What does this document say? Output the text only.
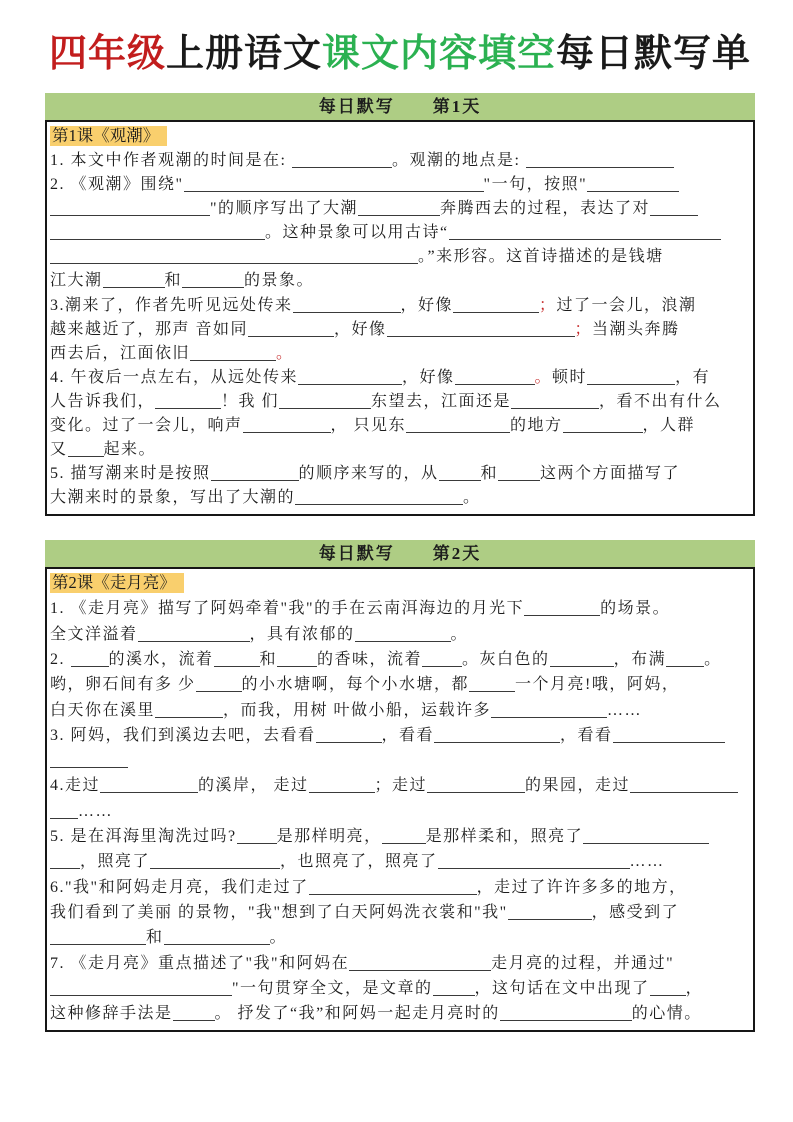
四年级上册语文课文内容填空每日默写单
每日默写　　第1天
第1课《观潮》
1. 本文中作者观潮的时间是在:	。观潮的地点是:
2. 《观潮》围绕"	"一句，按照"
"的顺序写出了大潮	奔腾西去的过程，表达了对
。这种景象可以用古诗“
。”来形容。这首诗描述的是钱塘
江大潮	和	的景象。
3.潮来了，作者先听见远处传来	，好像	；过了一会儿，浪潮
越来越近了，那声 音如同	，好像	；当潮头奔腾
西去后，江面依旧	。
4. 午夜后一点左右，从远处传来	，好像	。顿时	，有
人告诉我们，	！我 们	东望去，江面还是	，看不出有什么
变化。过了一会儿，响声	， 只见东	的地方	，人群
又 起来。
5. 描写潮来时是按照	的顺序来写的，从	和	这两个方面描写了
大潮来时的景象，写出了大潮的	。
每日默写　　第2天
第2课《走月亮》
1. 《走月亮》描写了阿妈牵着"我"的手在云南洱海边的月光下	的场景。
全文洋溢着	，具有浓郁的	。
2. 的溪水，流着	和	的香味，流着	。灰白色的	，布满 。
哟，卵石间有多 少	的小水塘啊，每个小水塘，都	一个月亮!哦，阿妈，
白天你在溪里	，而我，用树 叶做小船，运载许多	……
3. 阿妈，我们到溪边去吧，去看看	，看看	，看看
4.走过	的溪岸， 走过	；走过	的果园，走过
……
5. 是在洱海里淘洗过吗?	是那样明亮，	是那样柔和，照亮了
，照亮了	，也照亮了，照亮了	……
6."我"和阿妈走月亮，我们走过了	，走过了许许多多的地方，
我们看到了美丽 的景物，"我"想到了白天阿妈洗衣裳和"我"	，感受到了
和	。
7. 《走月亮》重点描述了"我"和阿妈在	走月亮的过程，并通过"
"一句贯穿全文，是文章的	，这句话在文中出现了 ，
这种修辞手法是	。 抒发了“我”和阿妈一起走月亮时的	的心情。
